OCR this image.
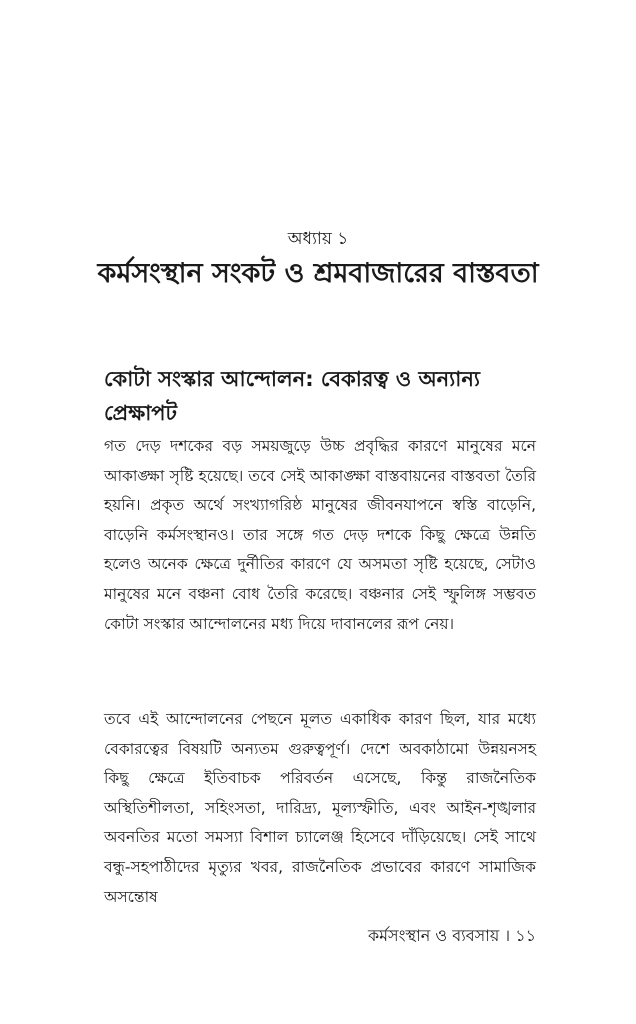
অধ্যায় ১
কর্মসংস্থান সংকট ও শ্রমবাজারের বাস্তবতা
কোটা সংস্কার আন্দোলন: বেকারত্ব ও অন্যান্য প্রেক্ষাপট

গত দেড় দশকের বড় সময়জুড়ে উচ্চ প্রবৃদ্ধির কারণে মানুষের মনে আকাঙ্ক্ষা সৃষ্টি হয়েছে। তবে সেই আকাঙ্ক্ষা বাস্তবায়নের বাস্তবতা তৈরি হয়নি। প্রকৃত অর্থে সংখ্যাগরিষ্ঠ মানুষের জীবনযাপনে স্বস্তি বাড়েনি, বাড়েনি কর্মসংস্থানও। তার সঙ্গে গত দেড় দশকে কিছু ক্ষেত্রে উন্নতি হলেও অনেক ক্ষেত্রে দুর্নীতির কারণে যে অসমতা সৃষ্টি হয়েছে, সেটাও মানুষের মনে বঞ্চনা বোধ তৈরি করেছে। বঞ্চনার সেই স্ফুলিঙ্গ সম্ভবত কোটা সংস্কার আন্দোলনের মধ্য দিয়ে দাবানলের রূপ নেয়।

তবে এই আন্দোলনের পেছনে মূলত একাধিক কারণ ছিল, যার মধ্যে বেকারত্বের বিষয়টি অন্যতম গুরুত্বপূর্ণ। দেশে অবকাঠামো উন্নয়নসহ কিছু ক্ষেত্রে ইতিবাচক পরিবর্তন এসেছে, কিন্তু রাজনৈতিক অস্থিতিশীলতা, সহিংসতা, দারিদ্র্য, মূল্যস্ফীতি, এবং আইন-শৃঙ্খলার অবনতির মতো সমস্যা বিশাল চ্যালেঞ্জ হিসেবে দাঁড়িয়েছে। সেই সাথে বন্ধু-সহপাঠীদের মৃত্যুর খবর, রাজনৈতিক প্রভাবের কারণে সামাজিক অসন্তোষ

কর্মসংস্থান ও ব্যবসায় । ১১
